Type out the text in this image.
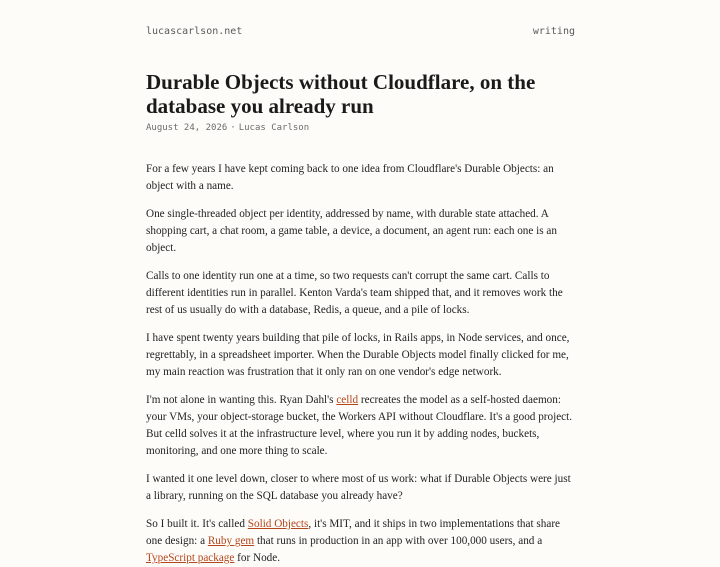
lucascarlson.net	writing
Durable Objects without Cloudflare, on the database you already run
August 24, 2026 · Lucas Carlson

For a few years I have kept coming back to one idea from Cloudflare's Durable Objects: an object with a name.

One single-threaded object per identity, addressed by name, with durable state attached. A shopping cart, a chat room, a game table, a device, a document, an agent run: each one is an object.

Calls to one identity run one at a time, so two requests can't corrupt the same cart. Calls to different identities run in parallel. Kenton Varda's team shipped that, and it removes work the rest of us usually do with a database, Redis, a queue, and a pile of locks.

I have spent twenty years building that pile of locks, in Rails apps, in Node services, and once, regrettably, in a spreadsheet importer. When the Durable Objects model finally clicked for me, my main reaction was frustration that it only ran on one vendor's edge network.

I'm not alone in wanting this. Ryan Dahl's celld recreates the model as a self-hosted daemon: your VMs, your object-storage bucket, the Workers API without Cloudflare. It's a good project. But celld solves it at the infrastructure level, where you run it by adding nodes, buckets, monitoring, and one more thing to scale.

I wanted it one level down, closer to where most of us work: what if Durable Objects were just a library, running on the SQL database you already have?

So I built it. It's called Solid Objects, it's MIT, and it ships in two implementations that share one design: a Ruby gem that runs in production in an app with over 100,000 users, and a TypeScript package for Node.
